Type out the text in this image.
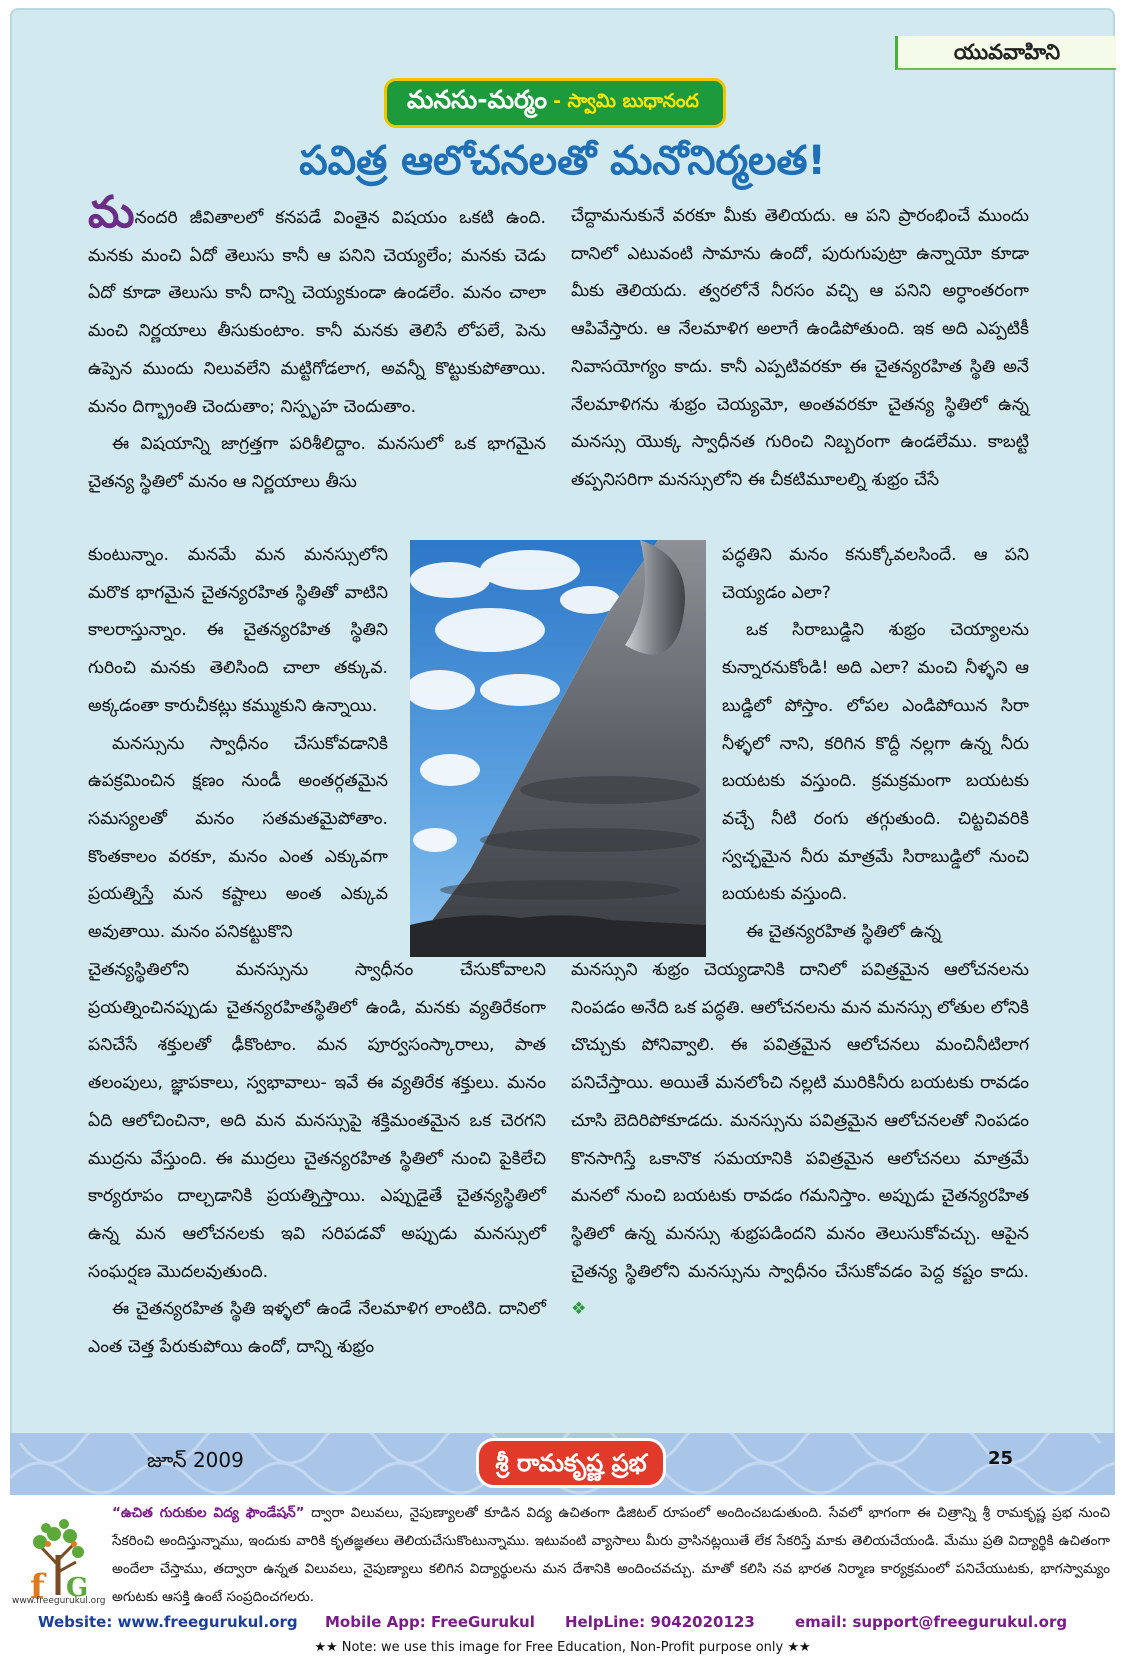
యువవాహిని
మనసు-మర్మం - స్వామి బుధానంద
పవిత్ర ఆలోచనలతో మనోనిర్మలత!

మనందరి జీవితాలలో కనపడే వింతైన విషయం ఒకటి ఉంది. మనకు మంచి ఏదో తెలుసు కానీ ఆ పనిని చెయ్యలేం; మనకు చెడు ఏదో కూడా తెలుసు కానీ దాన్ని చెయ్యకుండా ఉండలేం. మనం చాలా మంచి నిర్ణయాలు తీసుకుంటాం. కానీ మనకు తెలిసే లోపలే, పెను ఉప్పెన ముందు నిలువలేని మట్టిగోడలాగ, అవన్నీ కొట్టుకుపోతాయి. మనం దిగ్భ్రాంతి చెందుతాం; నిస్పృహ చెందుతాం.

ఈ విషయాన్ని జాగ్రత్తగా పరిశీలిద్దాం. మనసులో ఒక భాగమైన చైతన్య స్థితిలో మనం ఆ నిర్ణయాలు తీసు

కుంటున్నాం. మనమే మన మనస్సులోని మరొక భాగమైన చైతన్యరహిత స్థితితో వాటిని కాలరాస్తున్నాం. ఈ చైతన్యరహిత స్థితిని గురించి మనకు తెలిసింది చాలా తక్కువ. అక్కడంతా కారుచీకట్లు కమ్ముకుని ఉన్నాయి.

మనస్సును స్వాధీనం చేసుకోవడానికి ఉపక్రమించిన క్షణం నుండీ అంతర్గతమైన సమస్యలతో మనం సతమతమైపోతాం. కొంతకాలం వరకూ, మనం ఎంత ఎక్కువగా ప్రయత్నిస్తే మన కష్టాలు అంత ఎక్కువ అవుతాయి. మనం పనికట్టుకొని

చైతన్యస్థితిలోని మనస్సును స్వాధీనం చేసుకోవాలని ప్రయత్నించినప్పుడు చైతన్యరహితస్థితిలో ఉండి, మనకు వ్యతిరేకంగా పనిచేసే శక్తులతో ఢీకొంటాం. మన పూర్వసంస్కారాలు, పాత తలంపులు, జ్ఞాపకాలు, స్వభావాలు- ఇవే ఈ వ్యతిరేక శక్తులు. మనం ఏది ఆలోచించినా, అది మన మనస్సుపై శక్తిమంతమైన ఒక చెరగని ముద్రను వేస్తుంది. ఈ ముద్రలు చైతన్యరహిత స్థితిలో నుంచి పైకిలేచి కార్యరూపం దాల్చడానికి ప్రయత్నిస్తాయి. ఎప్పుడైతే చైతన్యస్థితిలో ఉన్న మన ఆలోచనలకు ఇవి సరిపడవో అప్పుడు మనస్సులో సంఘర్షణ మొదలవుతుంది.

ఈ చైతన్యరహిత స్థితి ఇళ్ళలో ఉండే నేలమాళిగ లాంటిది. దానిలో ఎంత చెత్త పేరుకుపోయి ఉందో, దాన్ని శుభ్రం

చేద్దామనుకునే వరకూ మీకు తెలియదు. ఆ పని ప్రారంభించే ముందు దానిలో ఎటువంటి సామాను ఉందో, పురుగుపుట్రా ఉన్నాయో కూడా మీకు తెలియదు. త్వరలోనే నీరసం వచ్చి ఆ పనిని అర్ధాంతరంగా ఆపివేస్తారు. ఆ నేలమాళిగ అలాగే ఉండిపోతుంది. ఇక అది ఎప్పటికీ నివాసయోగ్యం కాదు. కానీ ఎప్పటివరకూ ఈ చైతన్యరహిత స్థితి అనే నేలమాళిగను శుభ్రం చెయ్యమో, అంతవరకూ చైతన్య స్థితిలో ఉన్న మనస్సు యొక్క స్వాధీనత గురించి నిబ్బరంగా ఉండలేము. కాబట్టి తప్పనిసరిగా మనస్సులోని ఈ చీకటిమూలల్ని శుభ్రం చేసే

పద్ధతిని మనం కనుక్కోవలసిందే. ఆ పని చెయ్యడం ఎలా?

ఒక సిరాబుడ్డిని శుభ్రం చెయ్యాలను కున్నారనుకోండి! అది ఎలా? మంచి నీళ్ళని ఆ బుడ్డిలో పోస్తాం. లోపల ఎండిపోయిన సిరా నీళ్ళలో నాని, కరిగిన కొద్దీ నల్లగా ఉన్న నీరు బయటకు వస్తుంది. క్రమక్రమంగా బయటకు వచ్చే నీటి రంగు తగ్గుతుంది. చిట్టచివరికి స్వచ్ఛమైన నీరు మాత్రమే సిరాబుడ్డిలో నుంచి బయటకు వస్తుంది.

ఈ చైతన్యరహిత స్థితిలో ఉన్న

మనస్సుని శుభ్రం చెయ్యడానికి దానిలో పవిత్రమైన ఆలోచనలను నింపడం అనేది ఒక పద్ధతి. ఆలోచనలను మన మనస్సు లోతుల లోనికి చొచ్చుకు పోనివ్వాలి. ఈ పవిత్రమైన ఆలోచనలు మంచినీటిలాగ పనిచేస్తాయి. అయితే మనలోంచి నల్లటి మురికినీరు బయటకు రావడం చూసి బెదిరిపోకూడదు. మనస్సును పవిత్రమైన ఆలోచనలతో నింపడం కొనసాగిస్తే ఒకానొక సమయానికి పవిత్రమైన ఆలోచనలు మాత్రమే మనలో నుంచి బయటకు రావడం గమనిస్తాం. అప్పుడు చైతన్యరహిత స్థితిలో ఉన్న మనస్సు శుభ్రపడిందని మనం తెలుసుకోవచ్చు. ఆపైన చైతన్య స్థితిలోని మనస్సును స్వాధీనం చేసుకోవడం పెద్ద కష్టం కాదు. ❖

జూన్ 2009	శ్రీ రామకృష్ణ ప్రభ	25
f G
www.freegurukul.org
“ఉచిత గురుకుల విద్య ఫౌండేషన్” ద్వారా విలువలు, నైపుణ్యాలతో కూడిన విద్య ఉచితంగా డిజిటల్ రూపంలో అందించబడుతుంది. సేవలో భాగంగా ఈ చిత్రాన్ని శ్రీ రామకృష్ణ ప్రభ నుంచి సేకరించి అందిస్తున్నాము, ఇందుకు వారికి కృతజ్ఞతలు తెలియచేసుకొంటున్నాము. ఇటువంటి వ్యాసాలు మీరు వ్రాసినట్లయితే లేక సేకరిస్తే మాకు తెలియచేయండి. మేము ప్రతి విద్యార్థికి ఉచితంగా అందేలా చేస్తాము, తద్వారా ఉన్నత విలువలు, నైపుణ్యాలు కలిగిన విద్యార్థులను మన దేశానికి అందించవచ్చు. మాతో కలిసి నవ భారత నిర్మాణ కార్యక్రమంలో పనిచేయుటకు, భాగస్వామ్యం అగుటకు ఆసక్తి ఉంటే సంప్రదించగలరు.
Website: www.freegurukul.org Mobile App: FreeGurukul HelpLine: 9042020123	email: support@freegurukul.org
★★ Note: we use this image for Free Education, Non-Profit purpose only ★★
